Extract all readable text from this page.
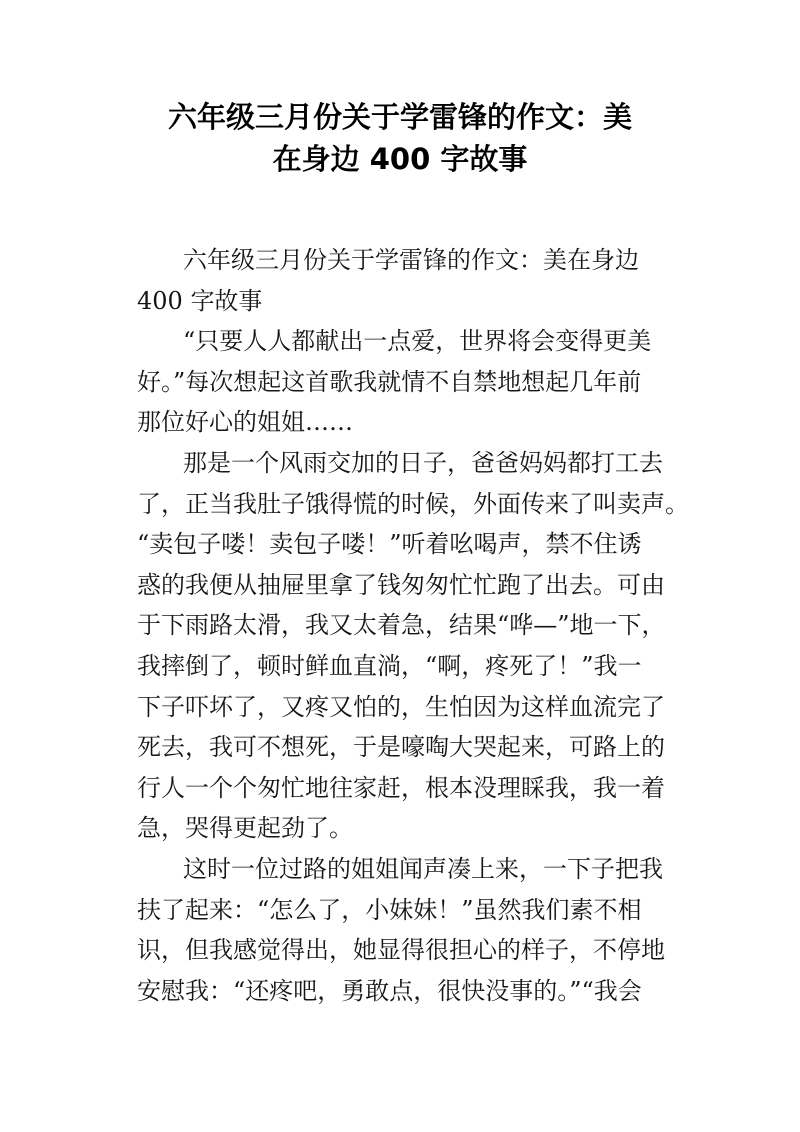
六年级三月份关于学雷锋的作文：美
在身边 400 字故事
六年级三月份关于学雷锋的作文：美在身边
400 字故事
“只要人人都献出一点爱，世界将会变得更美
好。”每次想起这首歌我就情不自禁地想起几年前
那位好心的姐姐……
那是一个风雨交加的日子，爸爸妈妈都打工去
了，正当我肚子饿得慌的时候，外面传来了叫卖声。
“卖包子喽！卖包子喽！”听着吆喝声，禁不住诱
惑的我便从抽屉里拿了钱匆匆忙忙跑了出去。可由
于下雨路太滑，我又太着急，结果“哗—”地一下，
我摔倒了，顿时鲜血直淌，“啊，疼死了！”我一
下子吓坏了，又疼又怕的，生怕因为这样血流完了
死去，我可不想死，于是嚎啕大哭起来，可路上的
行人一个个匆忙地往家赶，根本没理睬我，我一着
急，哭得更起劲了。
这时一位过路的姐姐闻声凑上来，一下子把我
扶了起来：“怎么了，小妹妹！”虽然我们素不相
识，但我感觉得出，她显得很担心的样子，不停地
安慰我：“还疼吧，勇敢点，很快没事的。”“我会
